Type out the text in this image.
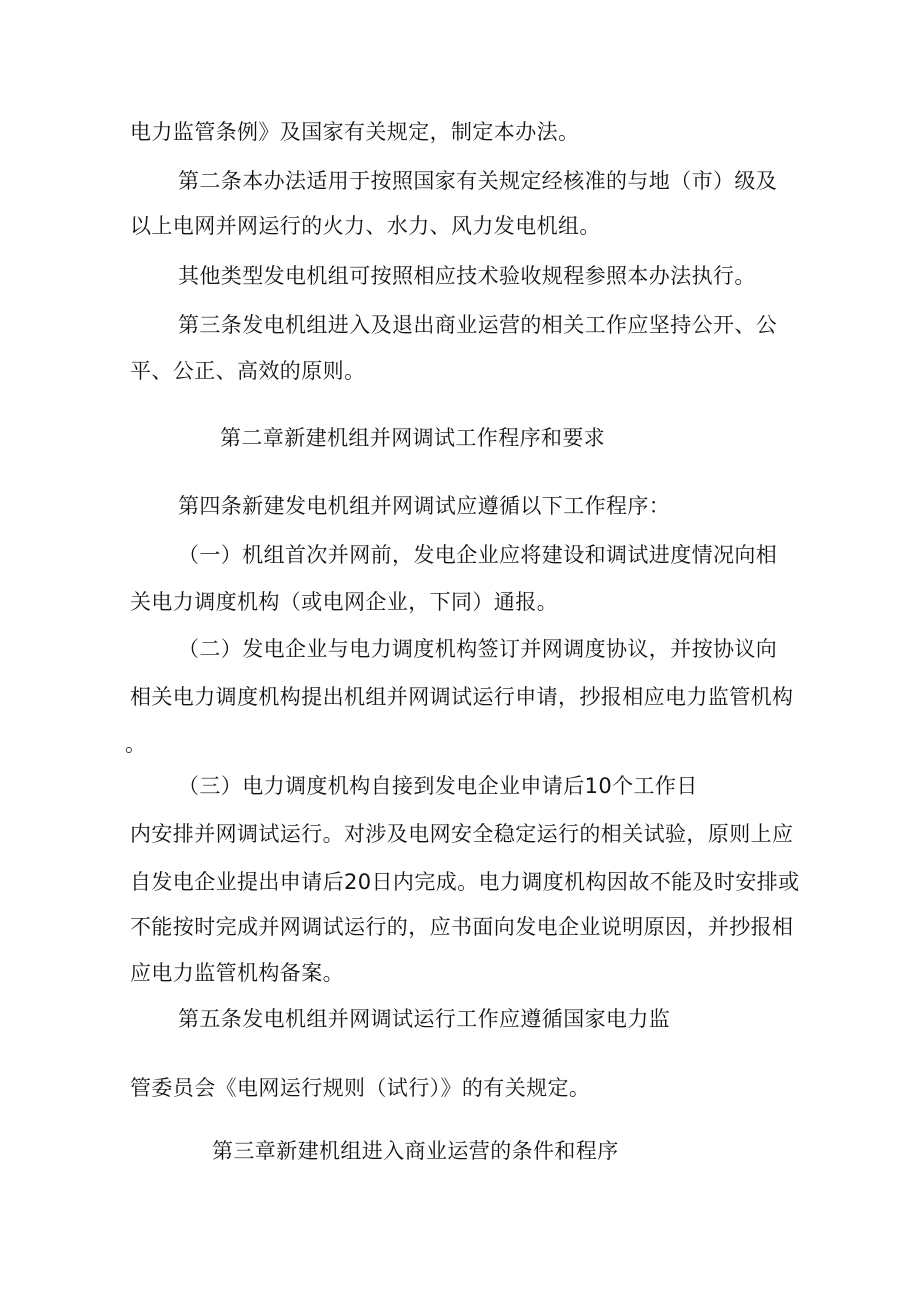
电力监管条例》及国家有关规定，制定本办法。
第二条本办法适用于按照国家有关规定经核准的与地（市）级及
以上电网并网运行的火力、水力、风力发电机组。
其他类型发电机组可按照相应技术验收规程参照本办法执行。
第三条发电机组进入及退出商业运营的相关工作应坚持公开、公
平、公正、高效的原则。
第二章新建机组并网调试工作程序和要求
第四条新建发电机组并网调试应遵循以下工作程序：
（一）机组首次并网前，发电企业应将建设和调试进度情况向相
关电力调度机构（或电网企业，下同）通报。
（二）发电企业与电力调度机构签订并网调度协议，并按协议向
相关电力调度机构提出机组并网调试运行申请，抄报相应电力监管机构
。
（三）电力调度机构自接到发电企业申请后10个工作日
内安排并网调试运行。对涉及电网安全稳定运行的相关试验，原则上应
自发电企业提出申请后20日内完成。电力调度机构因故不能及时安排或
不能按时完成并网调试运行的，应书面向发电企业说明原因，并抄报相
应电力监管机构备案。
第五条发电机组并网调试运行工作应遵循国家电力监
管委员会《电网运行规则（试行）》的有关规定。
第三章新建机组进入商业运营的条件和程序
